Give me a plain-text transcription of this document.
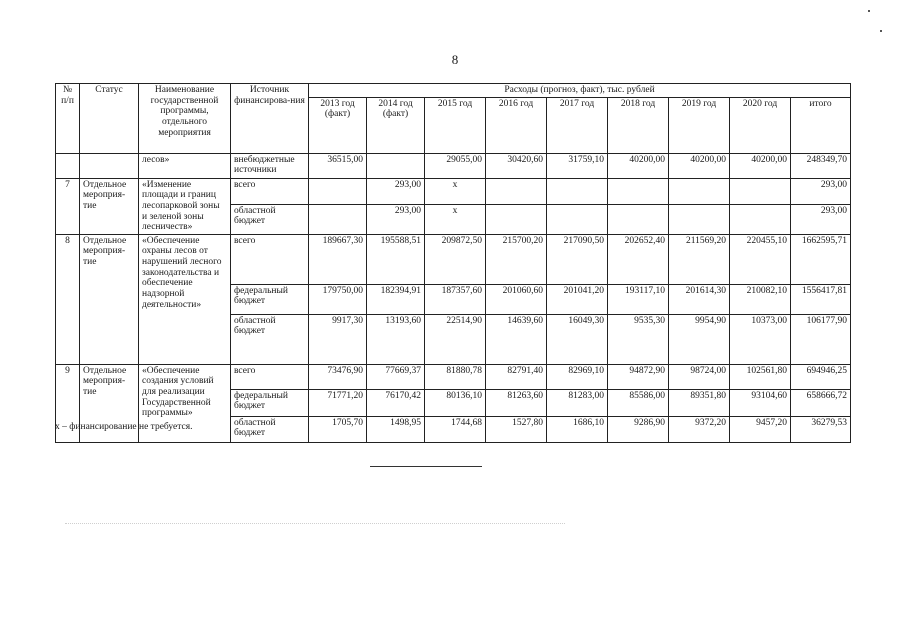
8
№ п/п	Статус	Наименование государственной программы, отдельного мероприятия	Источник финансирова-ния	Расходы (прогноз, факт), тыс. рублей								
				2013 год (факт)	2014 год (факт)	2015 год	2016 год	2017 год	2018 год	2019 год	2020 год	итого
		лесов»	внебюджетные источники	36515,00		29055,00	30420,60	31759,10	40200,00	40200,00	40200,00	248349,70
7	Отдельное мероприя-тие	«Изменение площади и границ лесопарковой зоны и зеленой зоны лесничеств»	всего		293,00	x						293,00
			областной бюджет		293,00	x						293,00
8	Отдельное мероприя-тие	«Обеспечение охраны лесов от нарушений лесного законодательства и обеспечение надзорной деятельности»	всего	189667,30	195588,51	209872,50	215700,20	217090,50	202652,40	211569,20	220455,10	1662595,71
			федеральный бюджет	179750,00	182394,91	187357,60	201060,60	201041,20	193117,10	201614,30	210082,10	1556417,81
			областной бюджет	9917,30	13193,60	22514,90	14639,60	16049,30	9535,30	9954,90	10373,00	106177,90
9	Отдельное мероприя-тие	«Обеспечение создания условий для реализации Государственной программы»	всего	73476,90	77669,37	81880,78	82791,40	82969,10	94872,90	98724,00	102561,80	694946,25
			федеральный бюджет	71771,20	76170,42	80136,10	81263,60	81283,00	85586,00	89351,80	93104,60	658666,72
			областной бюджет	1705,70	1498,95	1744,68	1527,80	1686,10	9286,90	9372,20	9457,20	36279,53
x – финансирование не требуется.
